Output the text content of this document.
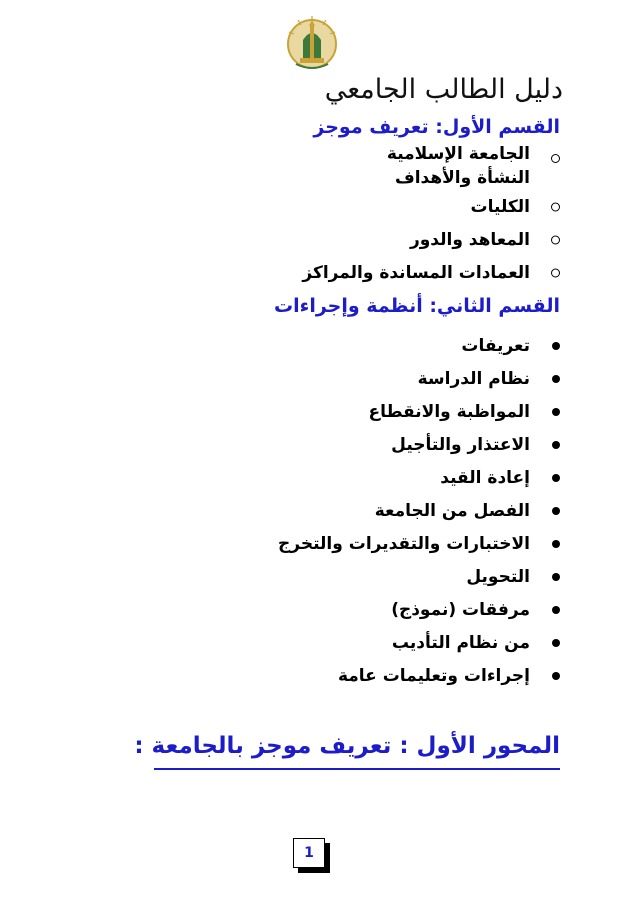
دليل الطالب الجامعي
القسم الأول: تعريف موجز
الجامعة الإسلامية النشأة والأهداف
الكليات
المعاهد والدور
العمادات المساندة والمراكز
القسم الثاني: أنظمة وإجراءات
تعريفات
نظام الدراسة
المواظبة والانقطاع
الاعتذار والتأجيل
إعادة القيد
الفصل من الجامعة
الاختبارات والتقديرات والتخرج
التحويل
مرفقات (نموذج)
من نظام التأديب
إجراءات وتعليمات عامة
المحور الأول : تعريف موجز بالجامعة :
1
